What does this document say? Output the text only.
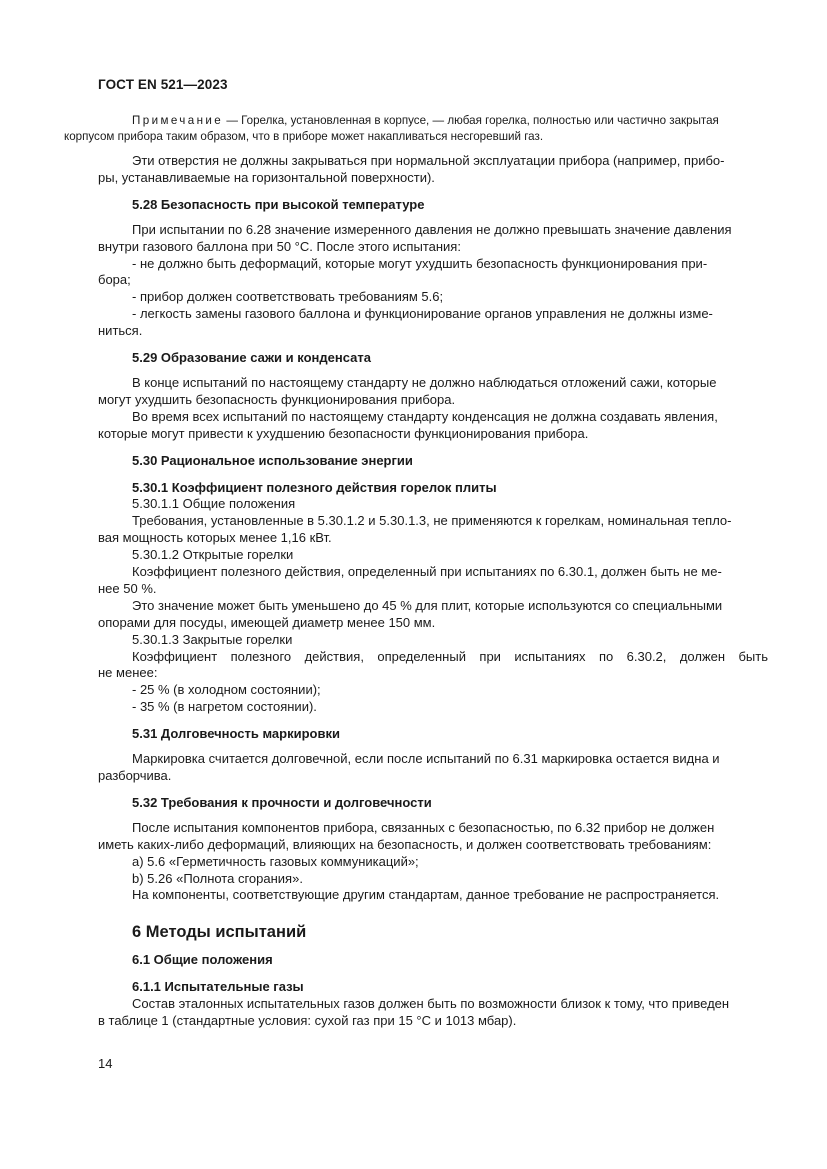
ГОСТ EN 521—2023
Примечание — Горелка, установленная в корпусе, — любая горелка, полностью или частично закрытая

корпусом прибора таким образом, что в приборе может накапливаться несгоревший газ.

Эти отверстия не должны закрываться при нормальной эксплуатации прибора (например, прибо-

ры, устанавливаемые на горизонтальной поверхности).

5.28 Безопасность при высокой температуре

При испытании по 6.28 значение измеренного давления не должно превышать значение давления

внутри газового баллона при 50 °С. После этого испытания:

- не должно быть деформаций, которые могут ухудшить безопасность функционирования при-

бора;

- прибор должен соответствовать требованиям 5.6;

- легкость замены газового баллона и функционирование органов управления не должны изме-

ниться.

5.29 Образование сажи и конденсата

В конце испытаний по настоящему стандарту не должно наблюдаться отложений сажи, которые

могут ухудшить безопасность функционирования прибора.

Во время всех испытаний по настоящему стандарту конденсация не должна создавать явления,

которые могут привести к ухудшению безопасности функционирования прибора.

5.30 Рациональное использование энергии

5.30.1 Коэффициент полезного действия горелок плиты

5.30.1.1 Общие положения

Требования, установленные в 5.30.1.2 и 5.30.1.3, не применяются к горелкам, номинальная тепло-

вая мощность которых менее 1,16 кВт.

5.30.1.2 Открытые горелки

Коэффициент полезного действия, определенный при испытаниях по 6.30.1, должен быть не ме-

нее 50 %.

Это значение может быть уменьшено до 45 % для плит, которые используются со специальными

опорами для посуды, имеющей диаметр менее 150 мм.

5.30.1.3 Закрытые горелки

Коэффициент полезного действия, определенный при испытаниях по 6.30.2, должен быть

не менее:

- 25 % (в холодном состоянии);

- 35 % (в нагретом состоянии).

5.31 Долговечность маркировки

Маркировка считается долговечной, если после испытаний по 6.31 маркировка остается видна и

разборчива.

5.32 Требования к прочности и долговечности

После испытания компонентов прибора, связанных с безопасностью, по 6.32 прибор не должен

иметь каких-либо деформаций, влияющих на безопасность, и должен соответствовать требованиям:

a) 5.6 «Герметичность газовых коммуникаций»;

b) 5.26 «Полнота сгорания».

На компоненты, соответствующие другим стандартам, данное требование не распространяется.

6 Методы испытаний

6.1 Общие положения

6.1.1 Испытательные газы

Состав эталонных испытательных газов должен быть по возможности близок к тому, что приведен

в таблице 1 (стандартные условия: сухой газ при 15 °С и 1013 мбар).

14
